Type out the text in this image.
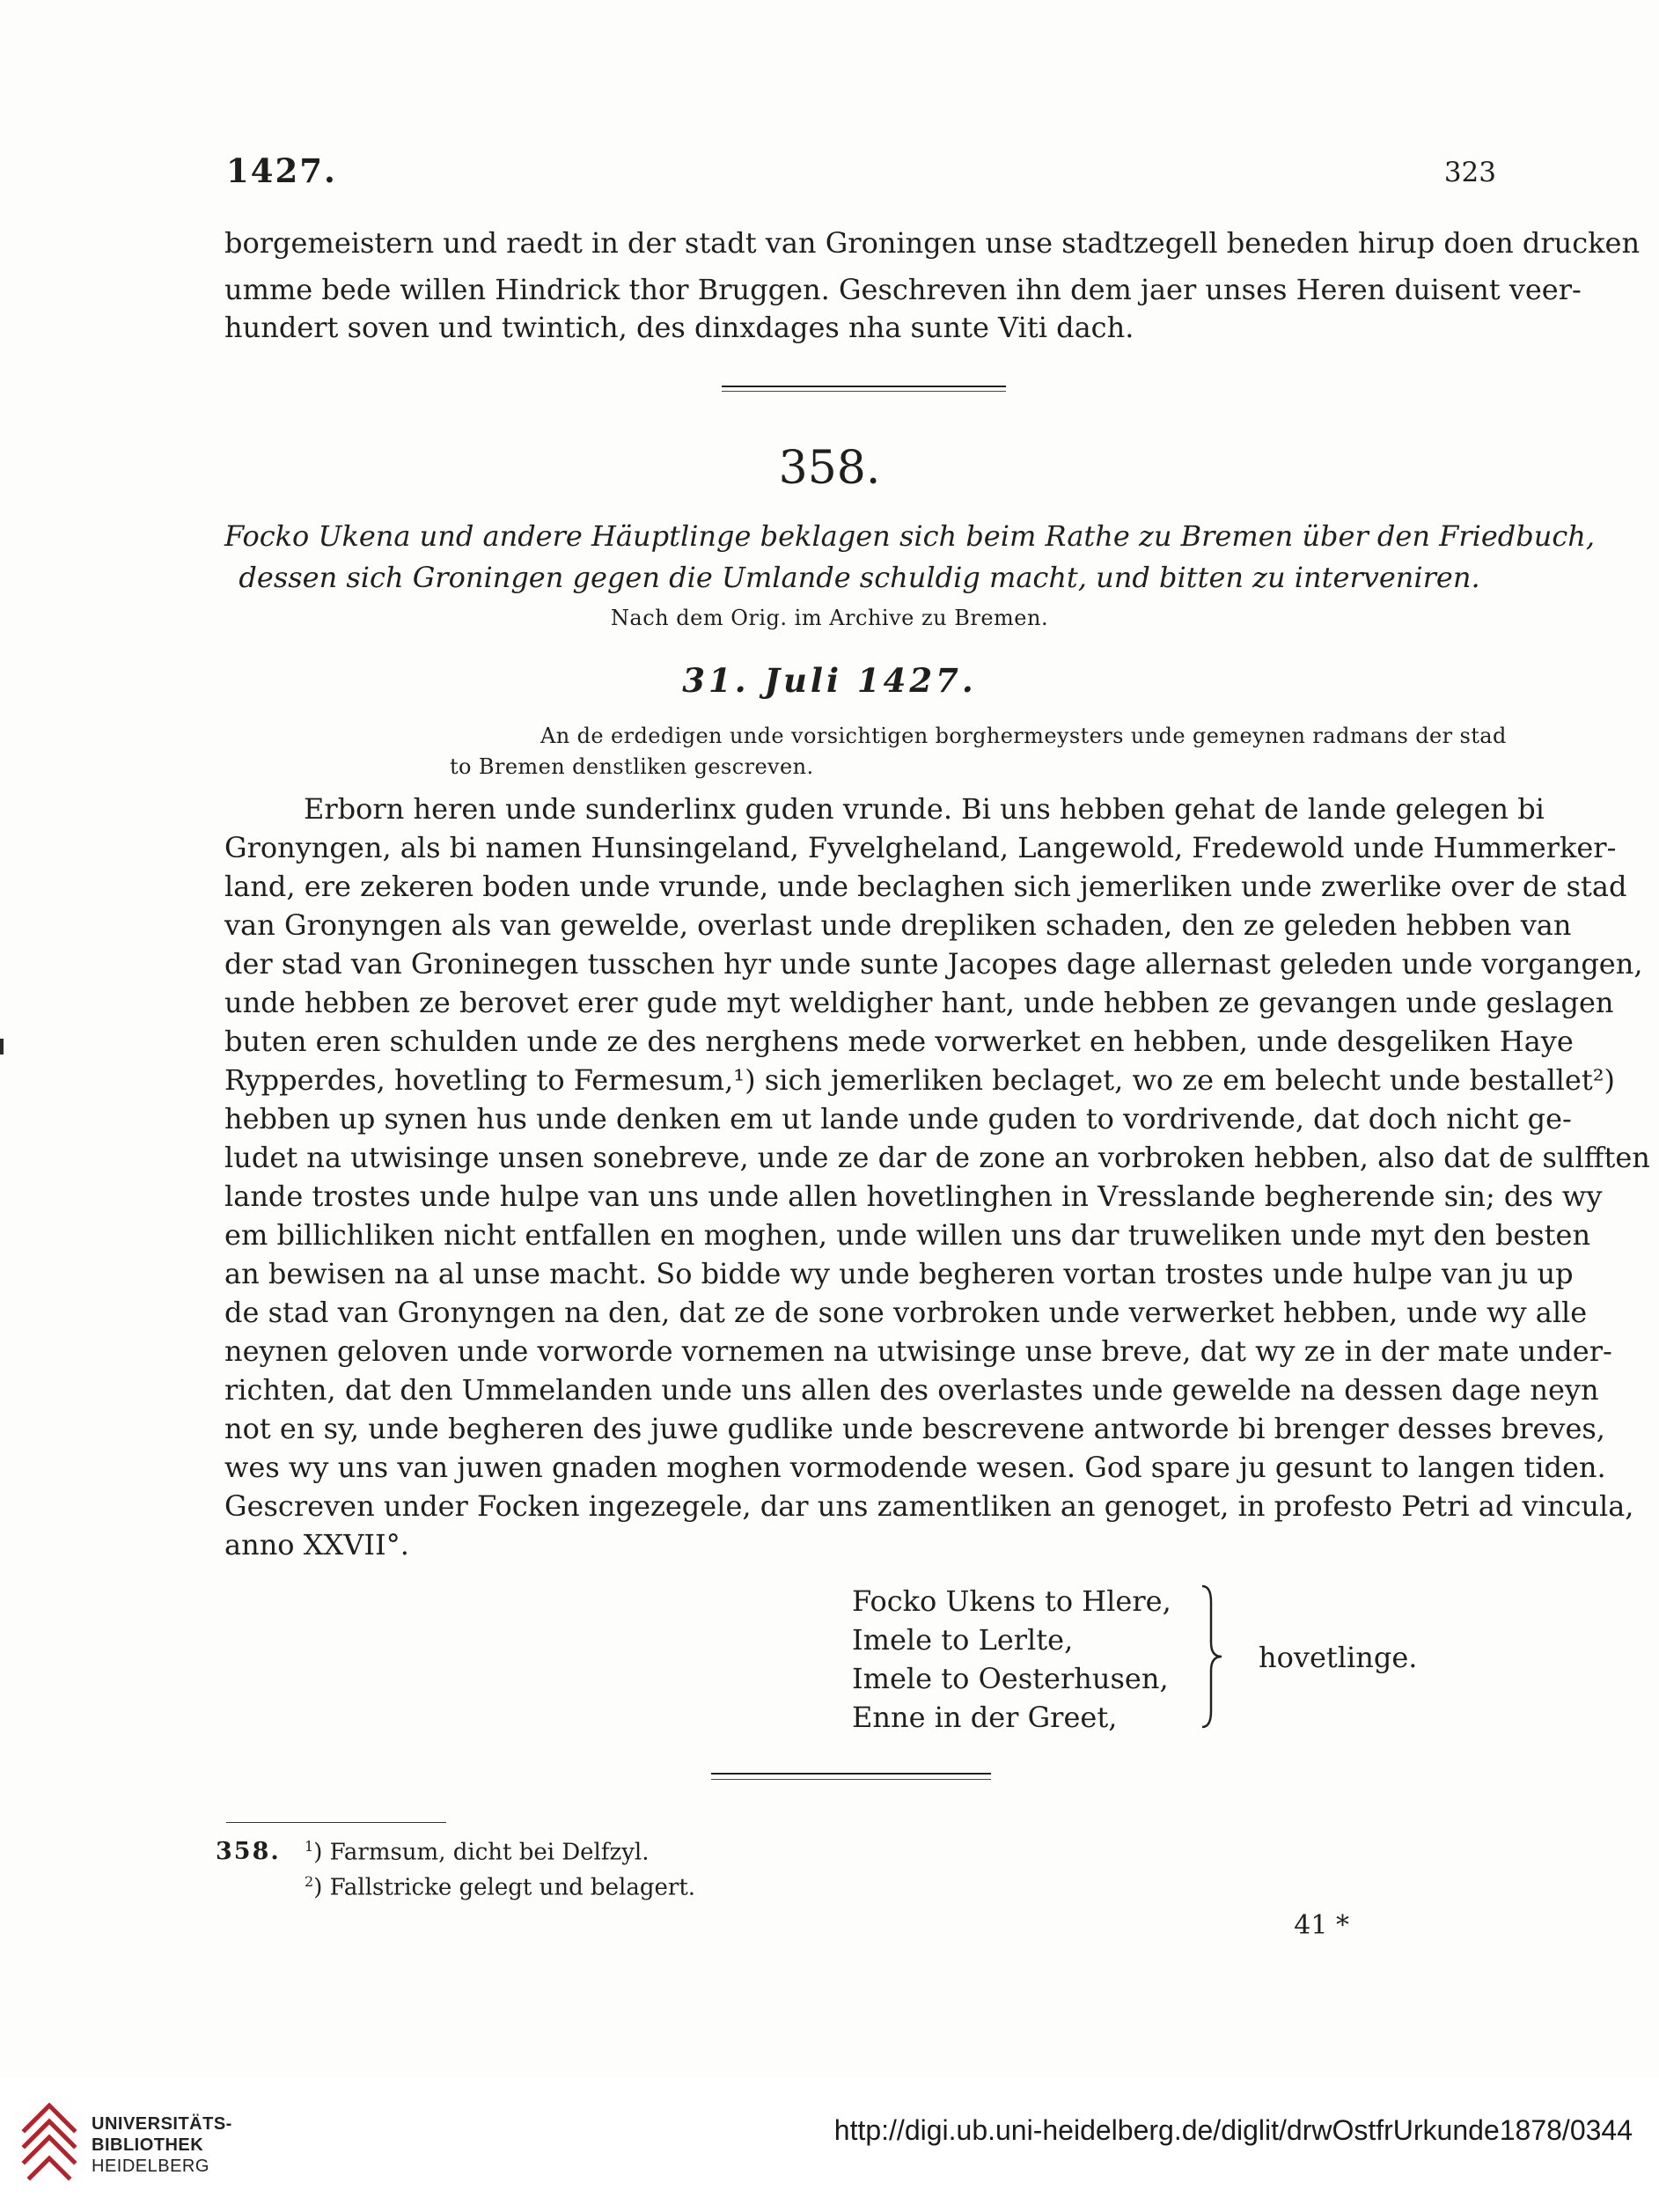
1427.	323
borgemeistern und raedt in der stadt van Groningen unse stadtzegell beneden hirup doen drucken
umme bede willen Hindrick thor Bruggen. Geschreven ihn dem jaer unses Heren duisent veer-
hundert soven und twintich, des dinxdages nha sunte Viti dach.
358.
Focko Ukena und andere Häuptlinge beklagen sich beim Rathe zu Bremen über den Friedbuch,
dessen sich Groningen gegen die Umlande schuldig macht, und bitten zu interveniren.
Nach dem Orig. im Archive zu Bremen.
31. Juli 1427.
An de erdedigen unde vorsichtigen borghermeysters unde gemeynen radmans der stad
to Bremen denstliken gescreven.
Erborn heren unde sunderlinx guden vrunde. Bi uns hebben gehat de lande gelegen bi
Gronyngen, als bi namen Hunsingeland, Fyvelgheland, Langewold, Fredewold unde Hummerker-
land, ere zekeren boden unde vrunde, unde beclaghen sich jemerliken unde zwerlike over de stad
van Gronyngen als van gewelde, overlast unde drepliken schaden, den ze geleden hebben van
der stad van Groninegen tusschen hyr unde sunte Jacopes dage allernast geleden unde vorgangen,
unde hebben ze berovet erer gude myt weldigher hant, unde hebben ze gevangen unde geslagen
buten eren schulden unde ze des nerghens mede vorwerket en hebben, unde desgeliken Haye
Rypperdes, hovetling to Fermesum,¹) sich jemerliken beclaget, wo ze em belecht unde bestallet²)
hebben up synen hus unde denken em ut lande unde guden to vordrivende, dat doch nicht ge-
ludet na utwisinge unsen sonebreve, unde ze dar de zone an vorbroken hebben, also dat de sulfften
lande trostes unde hulpe van uns unde allen hovetlinghen in Vresslande begherende sin; des wy
em billichliken nicht entfallen en moghen, unde willen uns dar truweliken unde myt den besten
an bewisen na al unse macht. So bidde wy unde begheren vortan trostes unde hulpe van ju up
de stad van Gronyngen na den, dat ze de sone vorbroken unde verwerket hebben, unde wy alle
neynen geloven unde vorworde vornemen na utwisinge unse breve, dat wy ze in der mate under-
richten, dat den Ummelanden unde uns allen des overlastes unde gewelde na dessen dage neyn
not en sy, unde begheren des juwe gudlike unde bescrevene antworde bi brenger desses breves,
wes wy uns van juwen gnaden moghen vormodende wesen. God spare ju gesunt to langen tiden.
Gescreven under Focken ingezegele, dar uns zamentliken an genoget, in profesto Petri ad vincula,
anno XXVII°.
Focko Ukens to Hlere,
Imele to Lerlte,
Imele to Oesterhusen,
Enne in der Greet,
hovetlinge.
358. $^1$) Farmsum, dicht bei Delfzyl.
$^2$) Fallstricke gelegt und belagert.
41 *
UNIVERSITÄTS-
BIBLIOTHEK
HEIDELBERG
http://digi.ub.uni-heidelberg.de/diglit/drwOstfrUrkunde1878/0344
